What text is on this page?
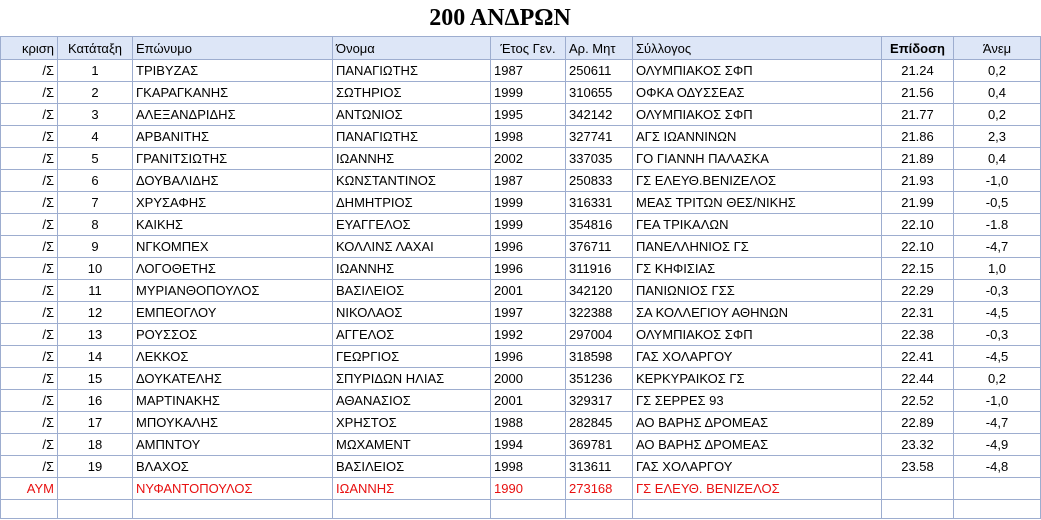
200 ΑΝΔΡΩΝ
κριση	Κατάταξη	Επώνυμο	Όνομα	Έτος Γεν.	Αρ. Μητ	Σύλλογος	Επίδοση	Άνεμ
/Σ	1	ΤΡΙΒΥΖΑΣ	ΠΑΝΑΓΙΩΤΗΣ	1987	250611	ΟΛΥΜΠΙΑΚΟΣ ΣΦΠ	21.24	0,2
/Σ	2	ΓΚΑΡΑΓΚΑΝΗΣ	ΣΩΤΗΡΙΟΣ	1999	310655	ΟΦΚΑ ΟΔΥΣΣΕΑΣ	21.56	0,4
/Σ	3	ΑΛΕΞΑΝΔΡΙΔΗΣ	ΑΝΤΩΝΙΟΣ	1995	342142	ΟΛΥΜΠΙΑΚΟΣ ΣΦΠ	21.77	0,2
/Σ	4	ΑΡΒΑΝΙΤΗΣ	ΠΑΝΑΓΙΩΤΗΣ	1998	327741	ΑΓΣ ΙΩΑΝΝΙΝΩΝ	21.86	2,3
/Σ	5	ΓΡΑΝΙΤΣΙΩΤΗΣ	ΙΩΑΝΝΗΣ	2002	337035	ΓΟ ΓΙΑΝΝΗ ΠΑΛΑΣΚΑ	21.89	0,4
/Σ	6	ΔΟΥΒΑΛΙΔΗΣ	ΚΩΝΣΤΑΝΤΙΝΟΣ	1987	250833	ΓΣ ΕΛΕΥΘ.ΒΕΝΙΖΕΛΟΣ	21.93	-1,0
/Σ	7	ΧΡΥΣΑΦΗΣ	ΔΗΜΗΤΡΙΟΣ	1999	316331	ΜΕΑΣ ΤΡΙΤΩΝ ΘΕΣ/ΝΙΚΗΣ	21.99	-0,5
/Σ	8	ΚΑΙΚΗΣ	ΕΥΑΓΓΕΛΟΣ	1999	354816	ΓΕΑ ΤΡΙΚΑΛΩΝ	22.10	-1.8
/Σ	9	ΝΓΚΟΜΠΕΧ	ΚΟΛΛΙΝΣ ΛΑΧΑΙ	1996	376711	ΠΑΝΕΛΛΗΝΙΟΣ ΓΣ	22.10	-4,7
/Σ	10	ΛΟΓΟΘΕΤΗΣ	ΙΩΑΝΝΗΣ	1996	311916	ΓΣ ΚΗΦΙΣΙΑΣ	22.15	1,0
/Σ	11	ΜΥΡΙΑΝΘΟΠΟΥΛΟΣ	ΒΑΣΙΛΕΙΟΣ	2001	342120	ΠΑΝΙΩΝΙΟΣ ΓΣΣ	22.29	-0,3
/Σ	12	ΕΜΠΕΟΓΛΟΥ	ΝΙΚΟΛΑΟΣ	1997	322388	ΣΑ ΚΟΛΛΕΓΙΟΥ ΑΘΗΝΩΝ	22.31	-4,5
/Σ	13	ΡΟΥΣΣΟΣ	ΑΓΓΕΛΟΣ	1992	297004	ΟΛΥΜΠΙΑΚΟΣ ΣΦΠ	22.38	-0,3
/Σ	14	ΛΕΚΚΟΣ	ΓΕΩΡΓΙΟΣ	1996	318598	ΓΑΣ ΧΟΛΑΡΓΟΥ	22.41	-4,5
/Σ	15	ΔΟΥΚΑΤΕΛΗΣ	ΣΠΥΡΙΔΩΝ ΗΛΙΑΣ	2000	351236	ΚΕΡΚΥΡΑΙΚΟΣ ΓΣ	22.44	0,2
/Σ	16	ΜΑΡΤΙΝΑΚΗΣ	ΑΘΑΝΑΣΙΟΣ	2001	329317	ΓΣ ΣΕΡΡΕΣ 93	22.52	-1,0
/Σ	17	ΜΠΟΥΚΑΛΗΣ	ΧΡΗΣΤΟΣ	1988	282845	ΑΟ ΒΑΡΗΣ ΔΡΟΜΕΑΣ	22.89	-4,7
/Σ	18	ΑΜΠΝΤΟΥ	ΜΩΧΑΜΕΝΤ	1994	369781	ΑΟ ΒΑΡΗΣ ΔΡΟΜΕΑΣ	23.32	-4,9
/Σ	19	ΒΛΑΧΟΣ	ΒΑΣΙΛΕΙΟΣ	1998	313611	ΓΑΣ ΧΟΛΑΡΓΟΥ	23.58	-4,8
ΑΥΜ		ΝΥΦΑΝΤΟΠΟΥΛΟΣ	ΙΩΑΝΝΗΣ	1990	273168	ΓΣ ΕΛΕΥΘ. ΒΕΝΙΖΕΛΟΣ		
